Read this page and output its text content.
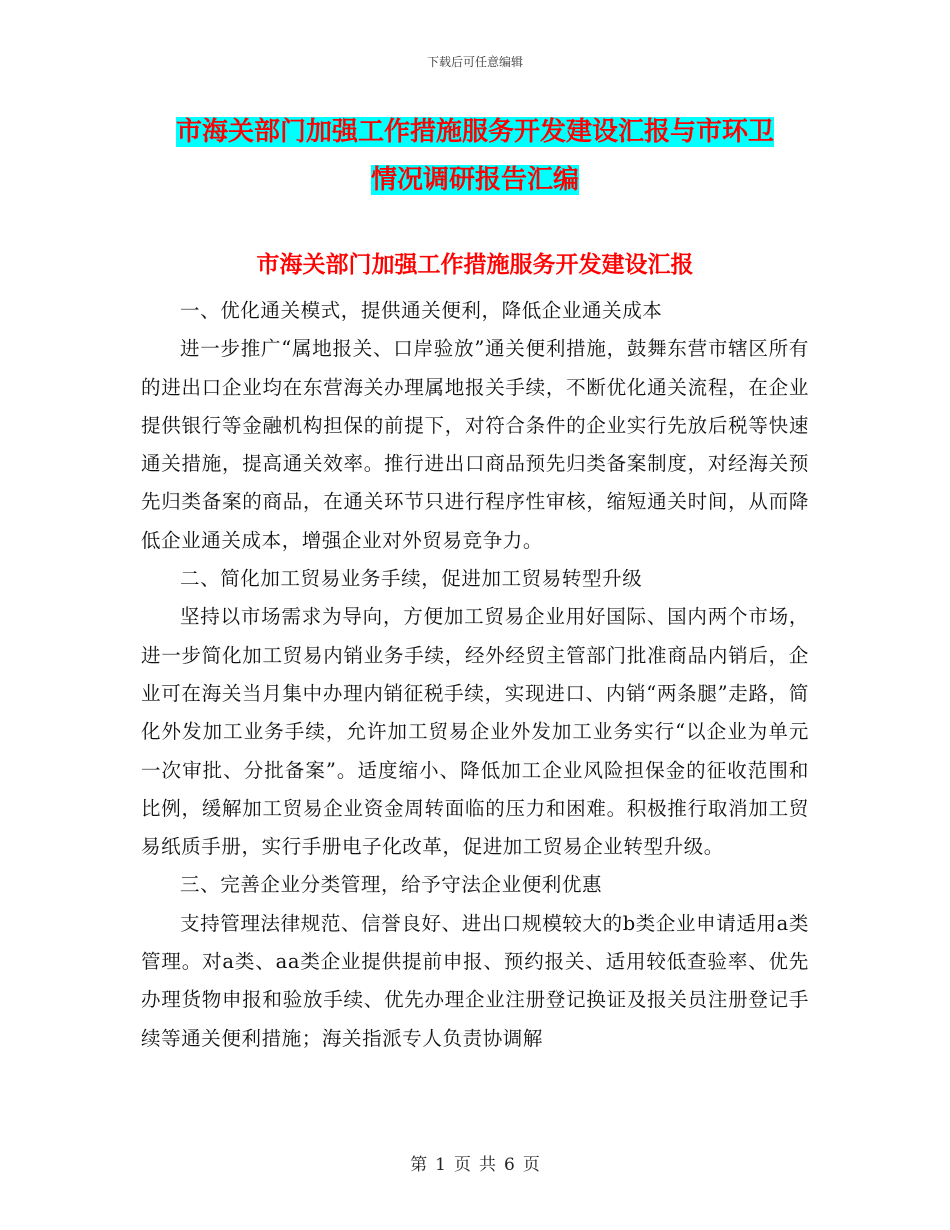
下载后可任意编辑
市海关部门加强工作措施服务开发建设汇报与市环卫
情况调研报告汇编
市海关部门加强工作措施服务开发建设汇报

一、优化通关模式，提供通关便利，降低企业通关成本

进一步推广“属地报关、口岸验放”通关便利措施，鼓舞东营市辖区所有的进出口企业均在东营海关办理属地报关手续，不断优化通关流程，在企业提供银行等金融机构担保的前提下，对符合条件的企业实行先放后税等快速通关措施，提高通关效率。推行进出口商品预先归类备案制度，对经海关预先归类备案的商品，在通关环节只进行程序性审核，缩短通关时间，从而降低企业通关成本，增强企业对外贸易竞争力。

二、简化加工贸易业务手续，促进加工贸易转型升级

坚持以市场需求为导向，方便加工贸易企业用好国际、国内两个市场，进一步简化加工贸易内销业务手续，经外经贸主管部门批准商品内销后，企业可在海关当月集中办理内销征税手续，实现进口、内销“两条腿”走路，简化外发加工业务手续，允许加工贸易企业外发加工业务实行“以企业为单元一次审批、分批备案”。适度缩小、降低加工企业风险担保金的征收范围和比例，缓解加工贸易企业资金周转面临的压力和困难。积极推行取消加工贸易纸质手册，实行手册电子化改革，促进加工贸易企业转型升级。

三、完善企业分类管理，给予守法企业便利优惠

支持管理法律规范、信誉良好、进出口规模较大的b类企业申请适用a类管理。对a类、aa类企业提供提前申报、预约报关、适用较低查验率、优先办理货物申报和验放手续、优先办理企业注册登记换证及报关员注册登记手续等通关便利措施；海关指派专人负责协调解

第 1 页 共 6 页
